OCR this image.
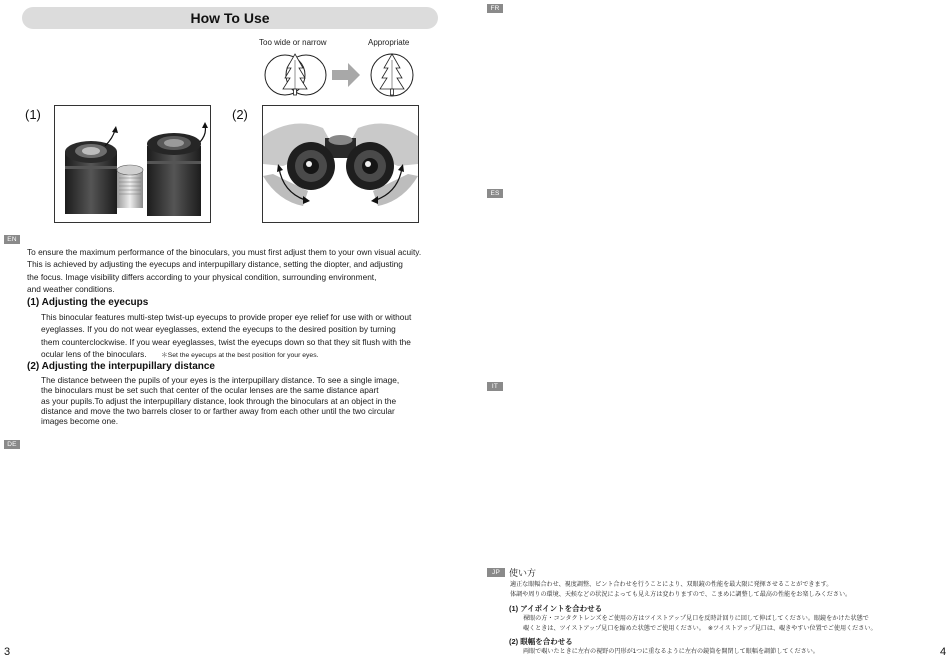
How To Use
Too wide or narrow	Appropriate
(1)	(2)
EN
To ensure the maximum performance of the binoculars, you must first adjust them to your own visual acuity.
This is achieved by adjusting the eyecups and interpupillary distance, setting the diopter, and adjusting
the focus. Image visibility differs according to your physical condition, surrounding environment,
and weather conditions.
(1) Adjusting the eyecups
This binocular features multi-step twist-up eyecups to provide proper eye relief for use with or without
eyeglasses. If you do not wear eyeglasses, extend the eyecups to the desired position by turning
them counterclockwise. If you wear eyeglasses, twist the eyecups down so that they sit flush with the
ocular lens of the binoculars. ＊Set the eyecups at the best position for your eyes.
(2) Adjusting the interpupillary distance
The distance between the pupils of your eyes is the interpupillary distance. To see a single image,
the binoculars must be set such that center of the ocular lenses are the same distance apart
as your pupils.To adjust the interpupillary distance, look through the binoculars at an object in the
distance and move the two barrels closer to or farther away from each other until the two circular
images become one.
DE
FR
ES
IT
JP	使い方
適正な眼幅合わせ、視度調整、ピント合わせを行うことにより、双眼鏡の性能を最大限に発揮させることができます。
体調や周りの環境、天候などの状況によっても見え方は変わりますので、こまめに調整して最高の性能をお楽しみください。
(1) アイポイントを合わせる
裸眼の方・コンタクトレンズをご使用の方はツイストアップ見口を反時計回りに回して伸ばしてください。眼鏡をかけた状態で
覗くときは、ツイストアップ見口を縮めた状態でご使用ください。　※ツイストアップ見口は、覗きやすい位置でご使用ください。
(2) 眼幅を合わせる
両眼で覗いたときに左右の視野の円形が1つに重なるように左右の鏡筒を開閉して眼幅を調節してください。
3	4
